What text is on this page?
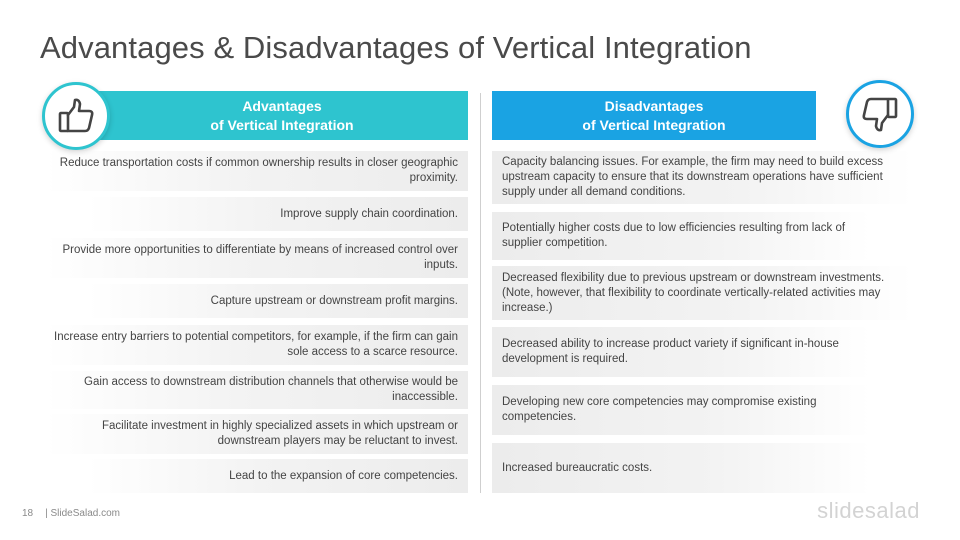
Advantages & Disadvantages of Vertical Integration
Advantages
of Vertical Integration
Disadvantages
of Vertical Integration
Reduce transportation costs if common ownership results in closer geographic proximity.
Improve supply chain coordination.
Provide more opportunities to differentiate by means of increased control over inputs.
Capture upstream or downstream profit margins.
Increase entry barriers to potential competitors, for example, if the firm can gain sole access to a scarce resource.
Gain access to downstream distribution channels that otherwise would be inaccessible.
Facilitate investment in highly specialized assets in which upstream or downstream players may be reluctant to invest.
Lead to the expansion of core competencies.
Capacity balancing issues. For example, the firm may need to build excess upstream capacity to ensure that its downstream operations have sufficient supply under all demand conditions.
Potentially higher costs due to low efficiencies resulting from lack of supplier competition.
Decreased flexibility due to previous upstream or downstream investments. (Note, however, that flexibility to coordinate vertically-related activities may increase.)
Decreased ability to increase product variety if significant in-house development is required.
Developing new core competencies may compromise existing competencies.
Increased bureaucratic costs.
18 | SlideSalad.com	slidesalad
